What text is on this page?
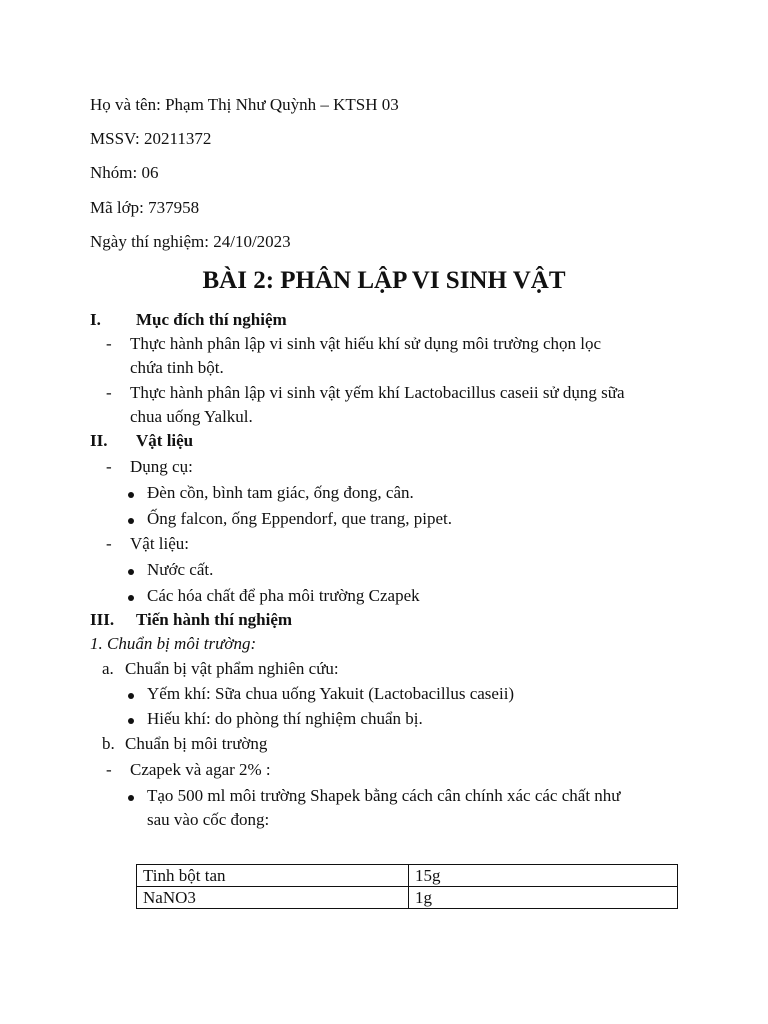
Họ và tên: Phạm Thị Như Quỳnh – KTSH 03
MSSV: 20211372
Nhóm: 06
Mã lớp: 737958
Ngày thí nghiệm: 24/10/2023
BÀI 2: PHÂN LẬP VI SINH VẬT
I. Mục đích thí nghiệm
- Thực hành phân lập vi sinh vật hiếu khí sử dụng môi trường chọn lọc
chứa tinh bột.
- Thực hành phân lập vi sinh vật yếm khí Lactobacillus caseii sử dụng sữa
chua uống Yalkul.
II. Vật liệu
- Dụng cụ:
Đèn cồn, bình tam giác, ống đong, cân.
Ống falcon, ống Eppendorf, que trang, pipet.
- Vật liệu:
Nước cất.
Các hóa chất để pha môi trường Czapek
III. Tiến hành thí nghiệm
1. Chuẩn bị môi trường:
a. Chuẩn bị vật phẩm nghiên cứu:
Yếm khí: Sữa chua uống Yakuit (Lactobacillus caseii)
Hiếu khí: do phòng thí nghiệm chuẩn bị.
b. Chuẩn bị môi trường
- Czapek và agar 2% :
Tạo 500 ml môi trường Shapek bằng cách cân chính xác các chất như
sau vào cốc đong:
Tinh bột tan	15g
NaNO3	1g
